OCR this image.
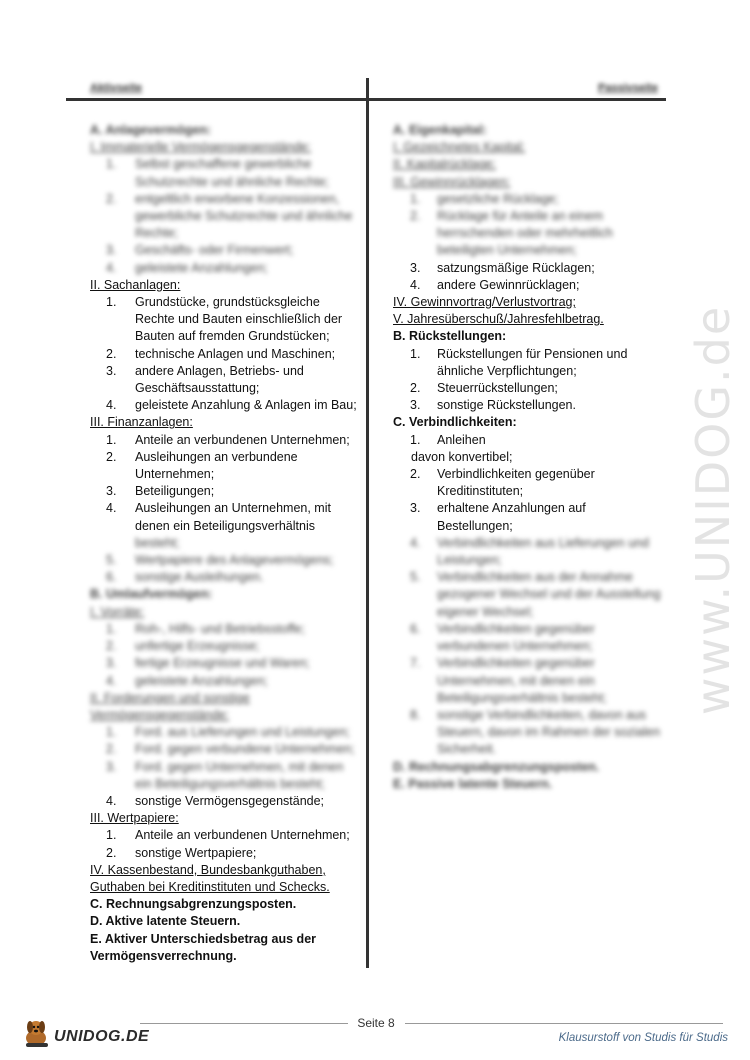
Aktivseite	Passivseite
A. Anlagevermögen:
I. Immaterielle Vermögensgegenstände:
1.	Selbst geschaffene gewerbliche Schutzrechte und ähnliche Rechte;
2.	entgeltlich erworbene Konzessionen, gewerbliche Schutzrechte und ähnliche Rechte;
3.	Geschäfts- oder Firmenwert;
4.	geleistete Anzahlungen;
II. Sachanlagen:
1.	Grundstücke, grundstücksgleiche Rechte und Bauten einschließlich der Bauten auf fremden Grundstücken;
2.	technische Anlagen und Maschinen;
3.	andere Anlagen, Betriebs- und Geschäftsausstattung;
4.	geleistete Anzahlung & Anlagen im Bau;
III. Finanzanlagen:
1.	Anteile an verbundenen Unternehmen;
2.	Ausleihungen an verbundene Unternehmen;
3.	Beteiligungen;
4.	Ausleihungen an Unternehmen, mit denen ein Beteiligungsverhältnis
besteht;
5.	Wertpapiere des Anlagevermögens;
6.	sonstige Ausleihungen.
B. Umlaufvermögen:
I. Vorräte:
1.	Roh-, Hilfs- und Betriebsstoffe;
2.	unfertige Erzeugnisse;
3.	fertige Erzeugnisse und Waren;
4.	geleistete Anzahlungen;
II. Forderungen und sonstige Vermögensgegenstände:
1.	Ford. aus Lieferungen und Leistungen;
2.	Ford. gegen verbundene Unternehmen;
3.	Ford. gegen Unternehmen, mit denen ein Beteiligungsverhältnis besteht;
4.	sonstige Vermögensgegenstände;
III. Wertpapiere:
1.	Anteile an verbundenen Unternehmen;
2.	sonstige Wertpapiere;
IV. Kassenbestand, Bundesbankguthaben,
Guthaben bei Kreditinstituten und Schecks.
C. Rechnungsabgrenzungsposten.
D. Aktive latente Steuern.
E. Aktiver Unterschiedsbetrag aus der Vermögensverrechnung.
A. Eigenkapital:
I. Gezeichnetes Kapital;
II. Kapitalrücklage;
III. Gewinnrücklagen:
1.	gesetzliche Rücklage;
2.	Rücklage für Anteile an einem herrschenden oder mehrheitlich beteiligten Unternehmen;
3.	satzungsmäßige Rücklagen;
4.	andere Gewinnrücklagen;
IV. Gewinnvortrag/Verlustvortrag;
V. Jahresüberschuß/Jahresfehlbetrag.
B. Rückstellungen:
1.	Rückstellungen für Pensionen und ähnliche Verpflichtungen;
2.	Steuerrückstellungen;
3.	sonstige Rückstellungen.
C. Verbindlichkeiten:
1.	Anleihen
davon konvertibel;
2.	Verbindlichkeiten gegenüber Kreditinstituten;
3.	erhaltene Anzahlungen auf Bestellungen;
4.	Verbindlichkeiten aus Lieferungen und Leistungen;
5.	Verbindlichkeiten aus der Annahme gezogener Wechsel und der Ausstellung eigener Wechsel;
6.	Verbindlichkeiten gegenüber verbundenen Unternehmen;
7.	Verbindlichkeiten gegenüber Unternehmen, mit denen ein Beteiligungsverhältnis besteht;
8.	sonstige Verbindlichkeiten, davon aus Steuern, davon im Rahmen der sozialen Sicherheit.
D. Rechnungsabgrenzungsposten.
E. Passive latente Steuern.
www.UNIDOG.de
UNIDOG.DE
Seite 8
Klausurstoff von Studis für Studis
